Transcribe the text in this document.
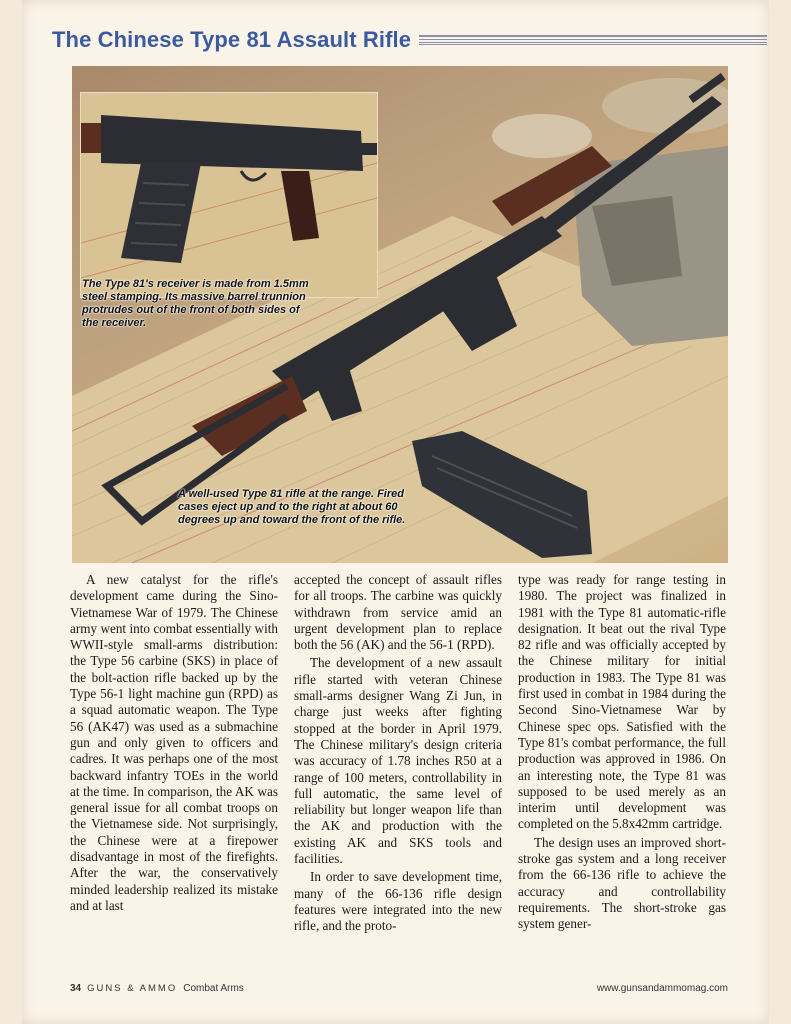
The Chinese Type 81 Assault Rifle
The Type 81's receiver is made from 1.5mm steel stamping. Its massive barrel trunnion protrudes out of the front of both sides of the receiver.
A well-used Type 81 rifle at the range. Fired cases eject up and to the right at about 60 degrees up and toward the front of the rifle.

A new catalyst for the rifle's development came during the Sino-Vietnamese War of 1979. The Chinese army went into combat essentially with WWII-style small-arms distribution: the Type 56 carbine (SKS) in place of the bolt-action rifle backed up by the Type 56-1 light machine gun (RPD) as a squad automatic weapon. The Type 56 (AK47) was used as a submachine gun and only given to officers and cadres. It was perhaps one of the most backward infantry TOEs in the world at the time. In comparison, the AK was general issue for all combat troops on the Vietnamese side. Not surprisingly, the Chinese were at a firepower disadvantage in most of the firefights. After the war, the conservatively minded leadership realized its mistake and at last

accepted the concept of assault rifles for all troops. The carbine was quickly withdrawn from service amid an urgent development plan to replace both the 56 (AK) and the 56-1 (RPD).

The development of a new assault rifle started with veteran Chinese small-arms designer Wang Zi Jun, in charge just weeks after fighting stopped at the border in April 1979. The Chinese military's design criteria was accuracy of 1.78 inches R50 at a range of 100 meters, controllability in full automatic, the same level of reliability but longer weapon life than the AK and production with the existing AK and SKS tools and facilities.

In order to save development time, many of the 66-136 rifle design features were integrated into the new rifle, and the proto-

type was ready for range testing in 1980. The project was finalized in 1981 with the Type 81 automatic-rifle designation. It beat out the rival Type 82 rifle and was officially accepted by the Chinese military for initial production in 1983. The Type 81 was first used in combat in 1984 during the Second Sino-Vietnamese War by Chinese spec ops. Satisfied with the Type 81's combat performance, the full production was approved in 1986. On an interesting note, the Type 81 was supposed to be used merely as an interim until development was completed on the 5.8x42mm cartridge.

The design uses an improved short-stroke gas system and a long receiver from the 66-136 rifle to achieve the accuracy and controllability requirements. The short-stroke gas system gener-

34 GUNS & AMMO Combat Arms	www.gunsandammomag.com
